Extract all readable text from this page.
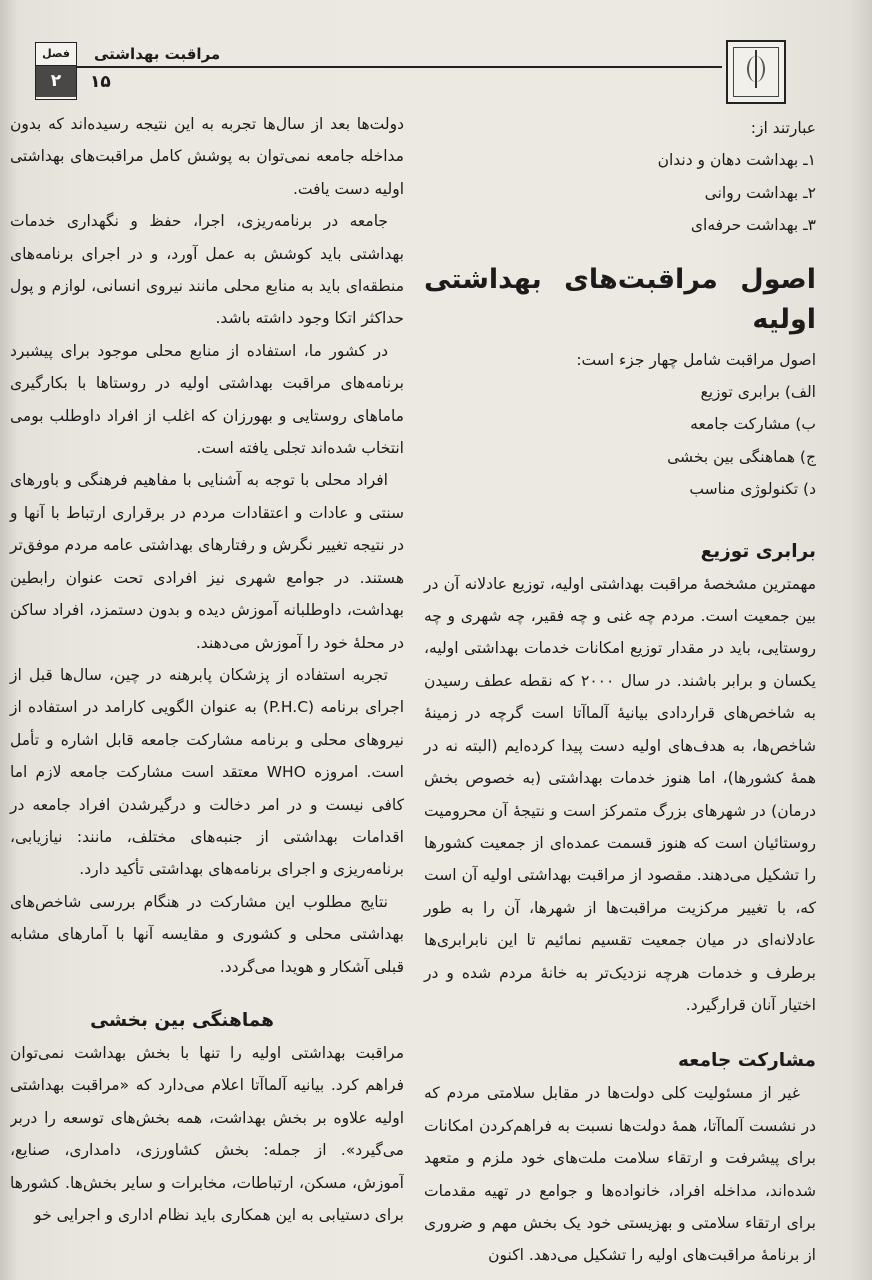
فصل
۲
مراقبت بهداشتی
۱۵

عبارتند از:

۱ـ بهداشت دهان و دندان

۲ـ بهداشت روانی

۳ـ بهداشت حرفه‌ای

اصول مراقبت‌های بهداشتی اولیه

اصول مراقبت شامل چهار جزء است:

الف) برابری توزیع

ب) مشارکت جامعه

ج) هماهنگی بین بخشی

د) تکنولوژی مناسب

برابری توزیع

مهمترین مشخصهٔ مراقبت بهداشتی اولیه، توزیع عادلانه آن در بین جمعیت است. مردم چه غنی و چه فقیر، چه شهری و چه روستایی، باید در مقدار توزیع امکانات خدمات بهداشتی اولیه، یکسان و برابر باشند. در سال ۲۰۰۰ که نقطه عطف رسیدن به شاخص‌های قراردادی بیانیهٔ آلماآتا است گرچه در زمینهٔ شاخص‌ها، به هدف‌های اولیه دست پیدا کرده‌ایم (البته نه در همهٔ کشورها)، اما هنوز خدمات بهداشتی (به خصوص بخش درمان) در شهرهای بزرگ متمرکز است و نتیجهٔ آن محرومیت روستائیان است که هنوز قسمت عمده‌ای از جمعیت کشورها را تشکیل می‌دهند. مقصود از مراقبت بهداشتی اولیه آن است که، با تغییر مرکزیت مراقبت‌ها از شهرها، آن را به طور عادلانه‌ای در میان جمعیت تقسیم نمائیم تا این نابرابری‌ها برطرف و خدمات هرچه نزدیک‌تر به خانهٔ مردم شده و در اختیار آنان قرارگیرد.

مشارکت جامعه

غیر از مسئولیت کلی دولت‌ها در مقابل سلامتی مردم که در نشست آلماآتا، همهٔ دولت‌ها نسبت به فراهم‌کردن امکانات برای پیشرفت و ارتقاء سلامت ملت‌های خود ملزم و متعهد شده‌اند، مداخله افراد، خانواده‌ها و جوامع در تهیه مقدمات برای ارتقاء سلامتی و بهزیستی خود یک بخش مهم و ضروری از برنامهٔ مراقبت‌های اولیه را تشکیل می‌دهد. اکنون

دولت‌ها بعد از سال‌ها تجربه به این نتیجه رسیده‌اند که بدون مداخله جامعه نمی‌توان به پوشش کامل مراقبت‌های بهداشتی اولیه دست یافت.

جامعه در برنامه‌ریزی، اجرا، حفظ و نگهداری خدمات بهداشتی باید کوشش به عمل آورد، و در اجرای برنامه‌های منطقه‌ای باید به منابع محلی مانند نیروی انسانی، لوازم و پول حداکثر اتکا وجود داشته باشد.

در کشور ما، استفاده از منابع محلی موجود برای پیشبرد برنامه‌های مراقبت بهداشتی اولیه در روستاها با بکارگیری ماماهای روستایی و بهورزان که اغلب از افراد داوطلب بومی انتخاب شده‌اند تجلی یافته است.

افراد محلی با توجه به آشنایی با مفاهیم فرهنگی و باورهای سنتی و عادات و اعتقادات مردم در برقراری ارتباط با آنها و در نتیجه تغییر نگرش و رفتارهای بهداشتی عامه مردم موفق‌تر هستند. در جوامع شهری نیز افرادی تحت عنوان رابطین بهداشت، داوطلبانه آموزش دیده و بدون دستمزد، افراد ساکن در محلهٔ خود را آموزش می‌دهند.

تجربه استفاده از پزشکان پابرهنه در چین، سال‌ها قبل از اجرای برنامه (P.H.C) به عنوان الگویی کارامد در استفاده از نیروهای محلی و برنامه مشارکت جامعه قابل اشاره و تأمل است. امروزه WHO معتقد است مشارکت جامعه لازم اما کافی نیست و در امر دخالت و درگیرشدن افراد جامعه در اقدامات بهداشتی از جنبه‌های مختلف، مانند: نیازیابی، برنامه‌ریزی و اجرای برنامه‌های بهداشتی تأکید دارد.

نتایج مطلوب این مشارکت در هنگام بررسی شاخص‌های بهداشتی محلی و کشوری و مقایسه آنها با آمارهای مشابه قبلی آشکار و هویدا می‌گردد.

هماهنگی بین بخشی

مراقبت بهداشتی اولیه را تنها با بخش بهداشت نمی‌توان فراهم کرد. بیانیه آلماآتا اعلام می‌دارد که «مراقبت بهداشتی اولیه علاوه بر بخش بهداشت، همه بخش‌های توسعه را دربر می‌گیرد». از جمله: بخش کشاورزی، دامداری، صنایع، آموزش، مسکن، ارتباطات، مخابرات و سایر بخش‌ها. کشورها برای دستیابی به این همکاری باید نظام اداری و اجرایی خو
